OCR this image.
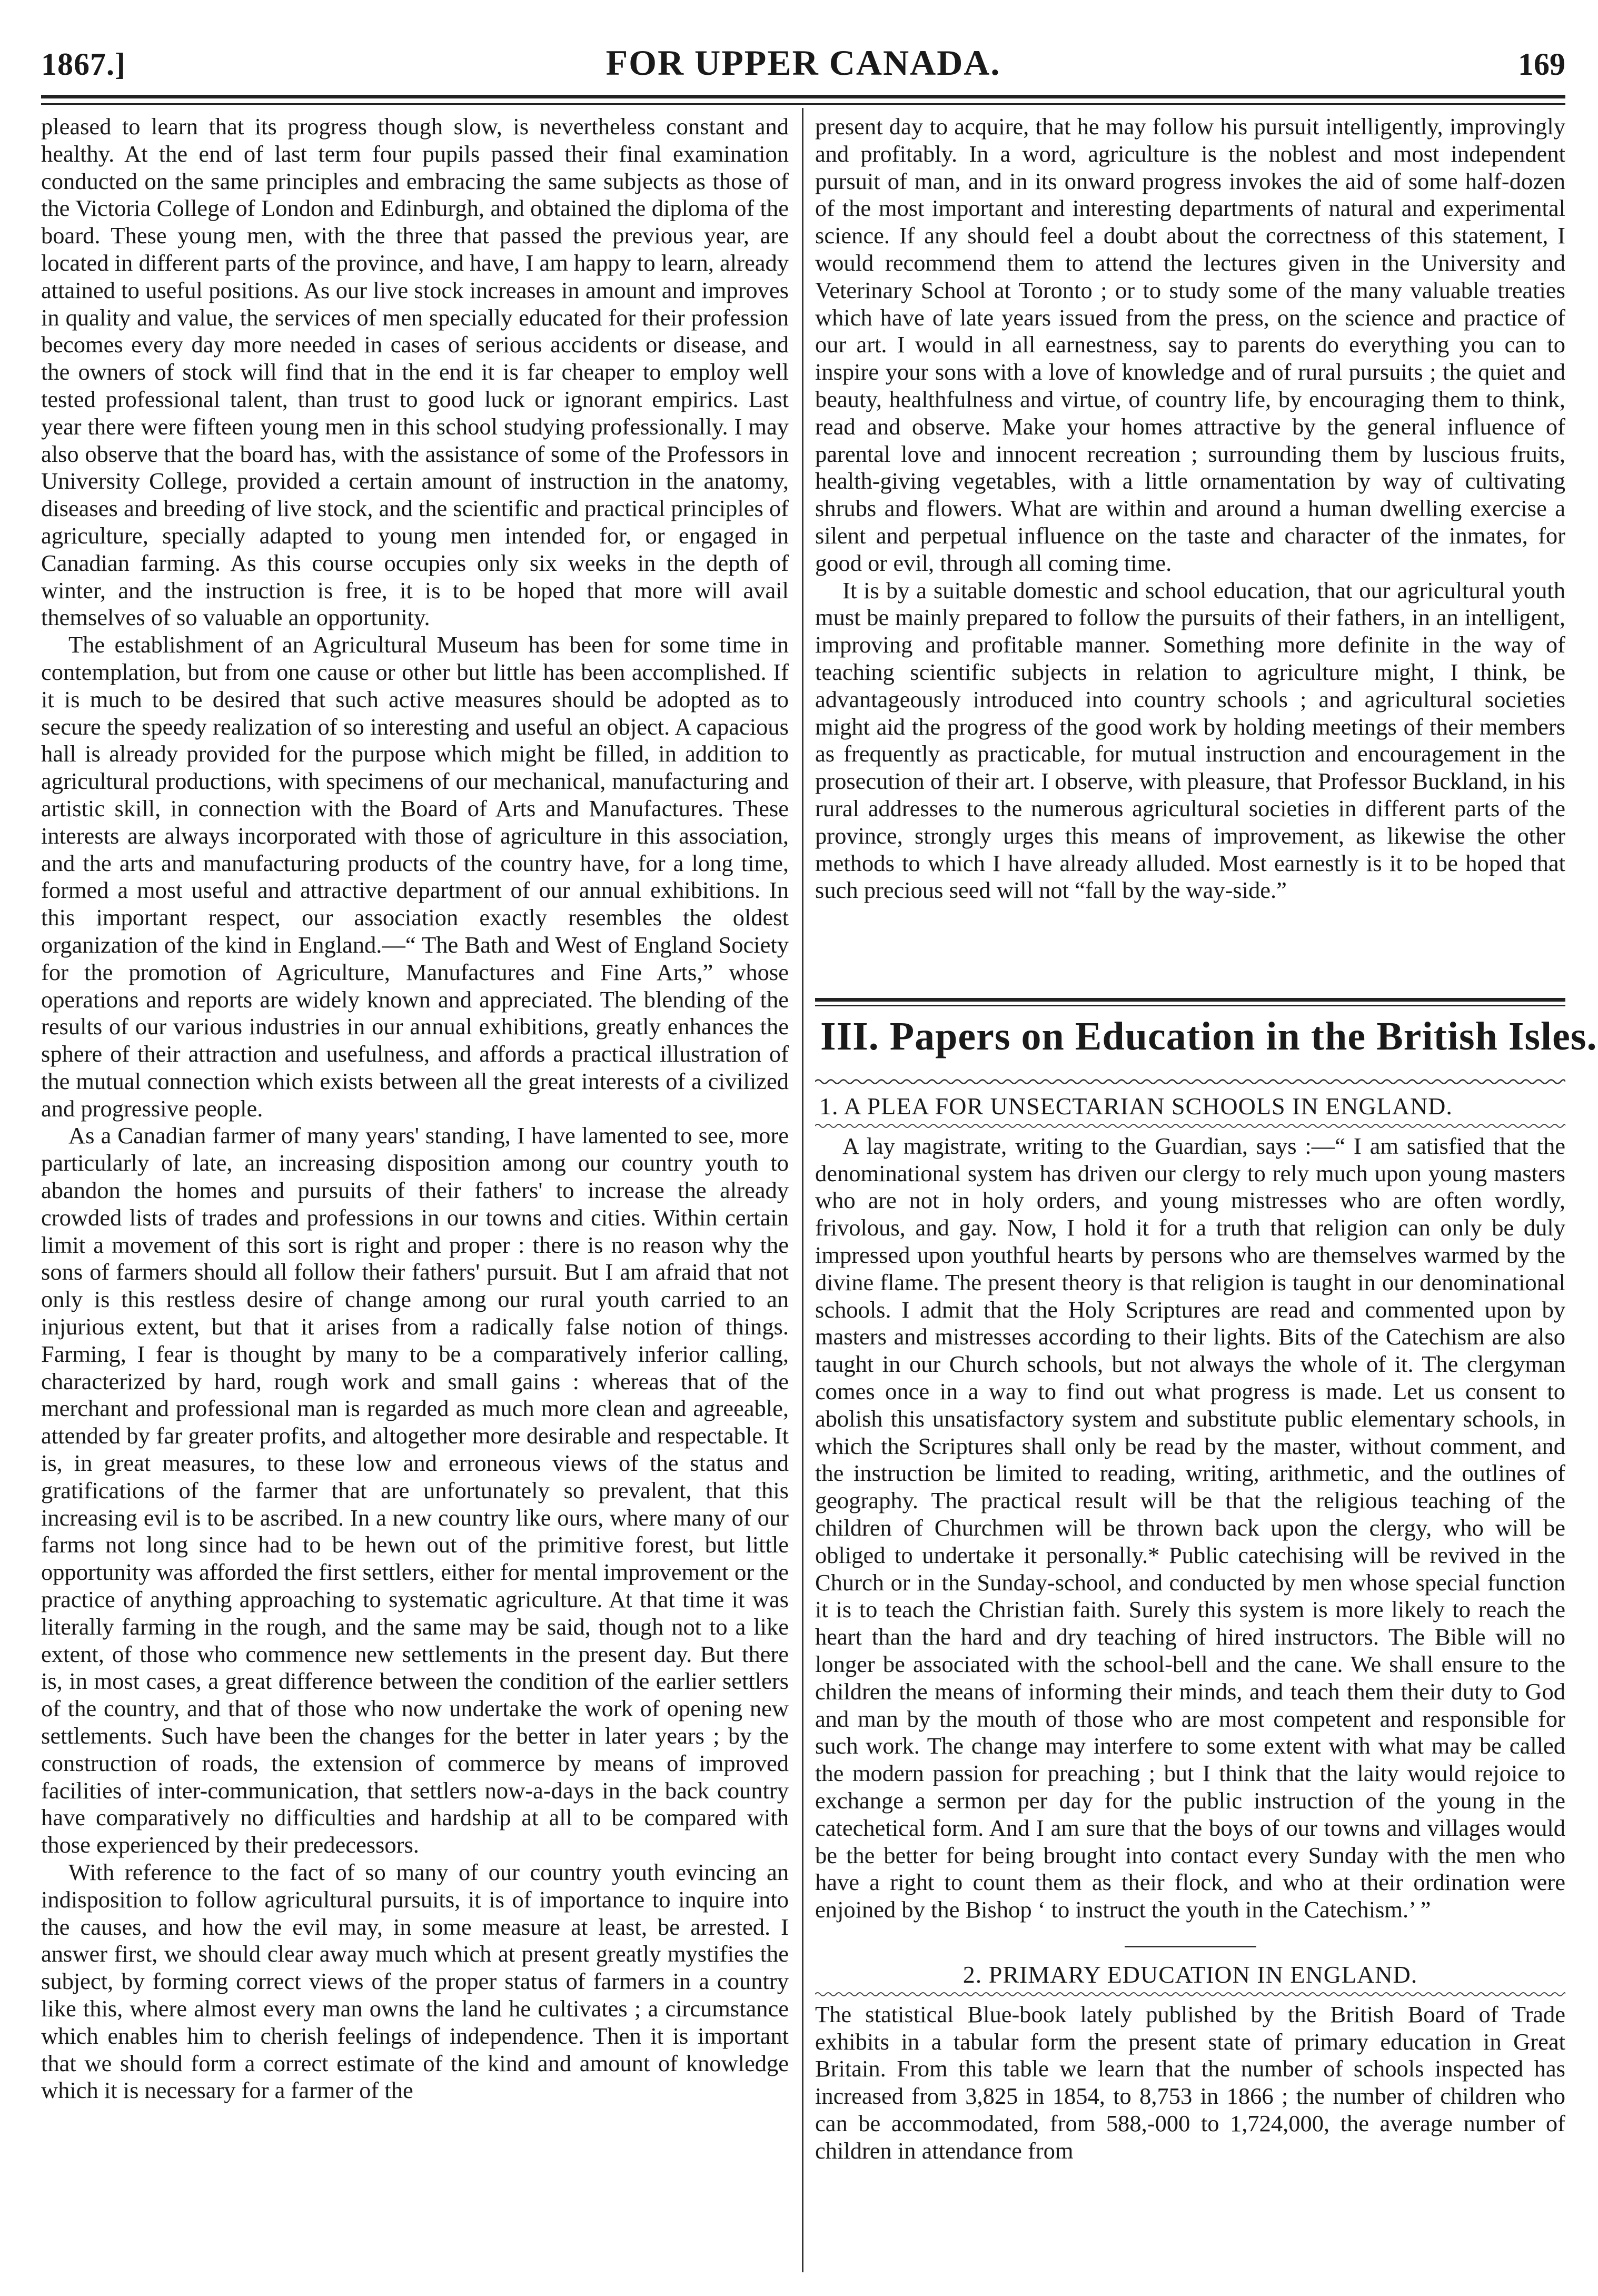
1867.]	FOR UPPER CANADA.	169

pleased to learn that its progress though slow, is nevertheless constant and healthy. At the end of last term four pupils passed their final examination conducted on the same principles and embracing the same subjects as those of the Victoria College of London and Edinburgh, and obtained the diploma of the board. These young men, with the three that passed the previous year, are located in different parts of the province, and have, I am happy to learn, already attained to useful positions. As our live stock increases in amount and improves in quality and value, the services of men specially educated for their profession becomes every day more needed in cases of serious accidents or disease, and the owners of stock will find that in the end it is far cheaper to employ well tested professional talent, than trust to good luck or ignorant empirics. Last year there were fifteen young men in this school studying professionally. I may also observe that the board has, with the assistance of some of the Professors in University College, provided a certain amount of instruction in the anatomy, diseases and breeding of live stock, and the scientific and practical principles of agriculture, specially adapted to young men intended for, or engaged in Canadian farming. As this course occupies only six weeks in the depth of winter, and the instruction is free, it is to be hoped that more will avail themselves of so valuable an opportunity.

The establishment of an Agricultural Museum has been for some time in contemplation, but from one cause or other but little has been accomplished. If it is much to be desired that such active measures should be adopted as to secure the speedy realization of so interesting and useful an object. A capacious hall is already provided for the purpose which might be filled, in addition to agricultural productions, with specimens of our mechanical, manufacturing and artistic skill, in connection with the Board of Arts and Manufactures. These interests are always incorporated with those of agriculture in this association, and the arts and manufacturing products of the country have, for a long time, formed a most useful and attractive department of our annual exhibitions. In this important respect, our association exactly resembles the oldest organization of the kind in England.—“ The Bath and West of England Society for the promotion of Agriculture, Manufactures and Fine Arts,” whose operations and reports are widely known and appreciated. The blending of the results of our various industries in our annual exhibitions, greatly enhances the sphere of their attraction and usefulness, and affords a practical illustration of the mutual connection which exists between all the great interests of a civilized and progressive people.

As a Canadian farmer of many years' standing, I have lamented to see, more particularly of late, an increasing disposition among our country youth to abandon the homes and pursuits of their fathers' to increase the already crowded lists of trades and professions in our towns and cities. Within certain limit a movement of this sort is right and proper : there is no reason why the sons of farmers should all follow their fathers' pursuit. But I am afraid that not only is this restless desire of change among our rural youth carried to an injurious extent, but that it arises from a radically false notion of things. Farming, I fear is thought by many to be a comparatively inferior calling, characterized by hard, rough work and small gains : whereas that of the merchant and professional man is regarded as much more clean and agreeable, attended by far greater profits, and altogether more desirable and respectable. It is, in great measures, to these low and erroneous views of the status and gratifications of the farmer that are unfortunately so prevalent, that this increasing evil is to be ascribed. In a new country like ours, where many of our farms not long since had to be hewn out of the primitive forest, but little opportunity was afforded the first settlers, either for mental improvement or the practice of anything approaching to systematic agriculture. At that time it was literally farming in the rough, and the same may be said, though not to a like extent, of those who commence new settlements in the present day. But there is, in most cases, a great difference between the condition of the earlier settlers of the country, and that of those who now undertake the work of opening new settlements. Such have been the changes for the better in later years ; by the construction of roads, the extension of commerce by means of improved facilities of inter-communication, that settlers now-a-days in the back country have comparatively no difficulties and hardship at all to be compared with those experienced by their predecessors.

With reference to the fact of so many of our country youth evincing an indisposition to follow agricultural pursuits, it is of importance to inquire into the causes, and how the evil may, in some measure at least, be arrested. I answer first, we should clear away much which at present greatly mystifies the subject, by forming correct views of the proper status of farmers in a country like this, where almost every man owns the land he cultivates ; a circumstance which enables him to cherish feelings of independence. Then it is important that we should form a correct estimate of the kind and amount of knowledge which it is necessary for a farmer of the

present day to acquire, that he may follow his pursuit intelligently, improvingly and profitably. In a word, agriculture is the noblest and most independent pursuit of man, and in its onward progress invokes the aid of some half-dozen of the most important and interesting departments of natural and experimental science. If any should feel a doubt about the correctness of this statement, I would recommend them to attend the lectures given in the University and Veterinary School at Toronto ; or to study some of the many valuable treaties which have of late years issued from the press, on the science and practice of our art. I would in all earnestness, say to parents do everything you can to inspire your sons with a love of knowledge and of rural pursuits ; the quiet and beauty, healthfulness and virtue, of country life, by encouraging them to think, read and observe. Make your homes attractive by the general influence of parental love and innocent recreation ; surrounding them by luscious fruits, health-giving vegetables, with a little ornamentation by way of cultivating shrubs and flowers. What are within and around a human dwelling exercise a silent and perpetual influence on the taste and character of the inmates, for good or evil, through all coming time.

It is by a suitable domestic and school education, that our agricultural youth must be mainly prepared to follow the pursuits of their fathers, in an intelligent, improving and profitable manner. Something more definite in the way of teaching scientific subjects in relation to agriculture might, I think, be advantageously introduced into country schools ; and agricultural societies might aid the progress of the good work by holding meetings of their members as frequently as practicable, for mutual instruction and encouragement in the prosecution of their art. I observe, with pleasure, that Professor Buckland, in his rural addresses to the numerous agricultural societies in different parts of the province, strongly urges this means of improvement, as likewise the other methods to which I have already alluded. Most earnestly is it to be hoped that such precious seed will not “fall by the way-side.”

III. Papers on Education in the British Isles.

1. A PLEA FOR UNSECTARIAN SCHOOLS IN ENGLAND.

A lay magistrate, writing to the Guardian, says :—“ I am satisfied that the denominational system has driven our clergy to rely much upon young masters who are not in holy orders, and young mistresses who are often wordly, frivolous, and gay. Now, I hold it for a truth that religion can only be duly impressed upon youthful hearts by persons who are themselves warmed by the divine flame. The present theory is that religion is taught in our denominational schools. I admit that the Holy Scriptures are read and commented upon by masters and mistresses according to their lights. Bits of the Catechism are also taught in our Church schools, but not always the whole of it. The clergyman comes once in a way to find out what progress is made. Let us consent to abolish this unsatisfactory system and substitute public elementary schools, in which the Scriptures shall only be read by the master, without comment, and the instruction be limited to reading, writing, arithmetic, and the outlines of geography. The practical result will be that the religious teaching of the children of Churchmen will be thrown back upon the clergy, who will be obliged to undertake it personally.* Public catechising will be revived in the Church or in the Sunday-school, and conducted by men whose special function it is to teach the Christian faith. Surely this system is more likely to reach the heart than the hard and dry teaching of hired instructors. The Bible will no longer be associated with the school-bell and the cane. We shall ensure to the children the means of informing their minds, and teach them their duty to God and man by the mouth of those who are most competent and responsible for such work. The change may interfere to some extent with what may be called the modern passion for preaching ; but I think that the laity would rejoice to exchange a sermon per day for the public instruction of the young in the catechetical form. And I am sure that the boys of our towns and villages would be the better for being brought into contact every Sunday with the men who have a right to count them as their flock, and who at their ordination were enjoined by the Bishop ‘ to instruct the youth in the Catechism.’ ”

2. PRIMARY EDUCATION IN ENGLAND.

The statistical Blue-book lately published by the British Board of Trade exhibits in a tabular form the present state of primary education in Great Britain. From this table we learn that the number of schools inspected has increased from 3,825 in 1854, to 8,753 in 1866 ; the number of children who can be accommodated, from 588,-000 to 1,724,000, the average number of children in attendance from
